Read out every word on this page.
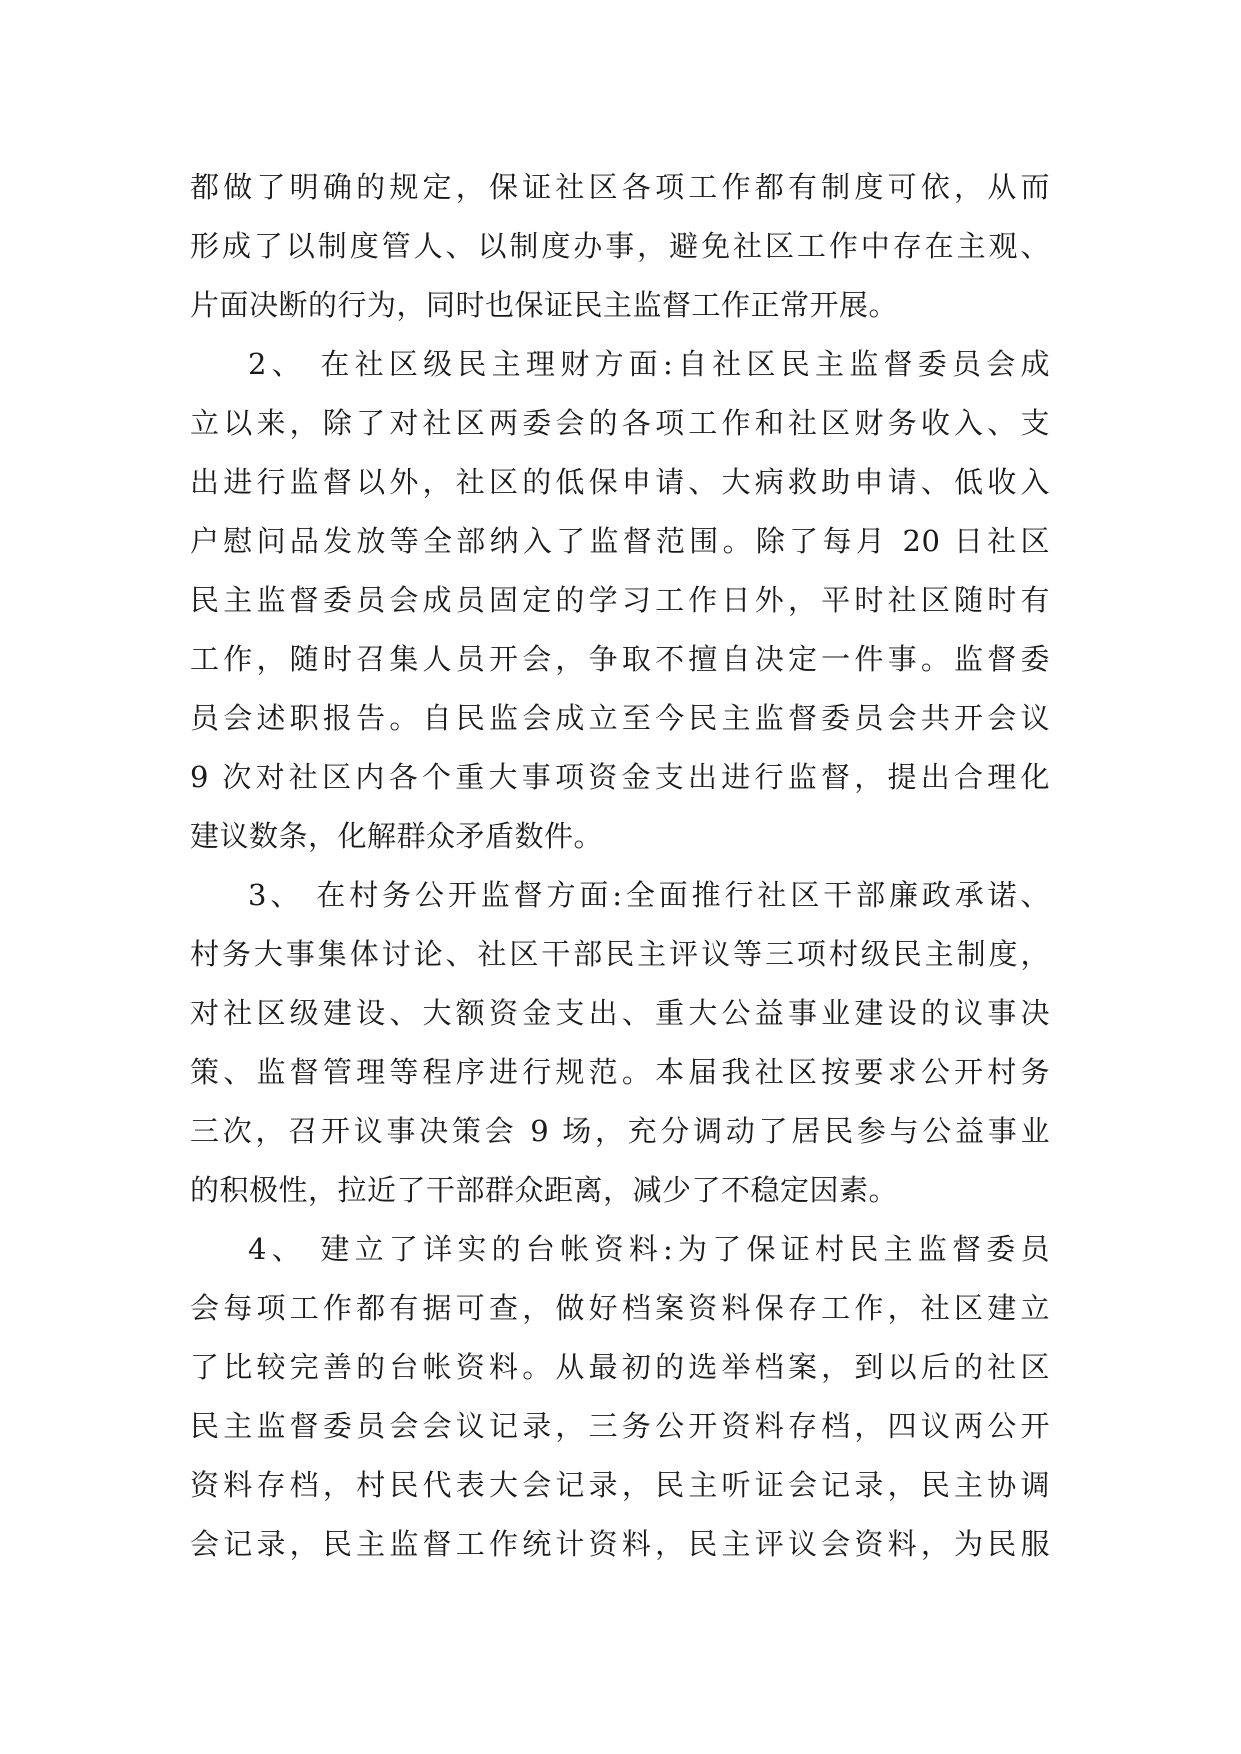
都做了明确的规定，保证社区各项工作都有制度可依，从而
形成了以制度管人、以制度办事，避免社区工作中存在主观、
片面决断的行为，同时也保证民主监督工作正常开展。
2、 在社区级民主理财方面:自社区民主监督委员会成
立以来，除了对社区两委会的各项工作和社区财务收入、支
出进行监督以外，社区的低保申请、大病救助申请、低收入
户慰问品发放等全部纳入了监督范围。除了每月 20 日社区
民主监督委员会成员固定的学习工作日外，平时社区随时有
工作，随时召集人员开会，争取不擅自决定一件事。监督委
员会述职报告。自民监会成立至今民主监督委员会共开会议
9 次对社区内各个重大事项资金支出进行监督，提出合理化
建议数条，化解群众矛盾数件。
3、 在村务公开监督方面:全面推行社区干部廉政承诺、
村务大事集体讨论、社区干部民主评议等三项村级民主制度，
对社区级建设、大额资金支出、重大公益事业建设的议事决
策、监督管理等程序进行规范。本届我社区按要求公开村务
三次，召开议事决策会 9 场，充分调动了居民参与公益事业
的积极性，拉近了干部群众距离，减少了不稳定因素。
4、 建立了详实的台帐资料:为了保证村民主监督委员
会每项工作都有据可查，做好档案资料保存工作，社区建立
了比较完善的台帐资料。从最初的选举档案，到以后的社区
民主监督委员会会议记录，三务公开资料存档，四议两公开
资料存档，村民代表大会记录，民主听证会记录，民主协调
会记录，民主监督工作统计资料，民主评议会资料，为民服
